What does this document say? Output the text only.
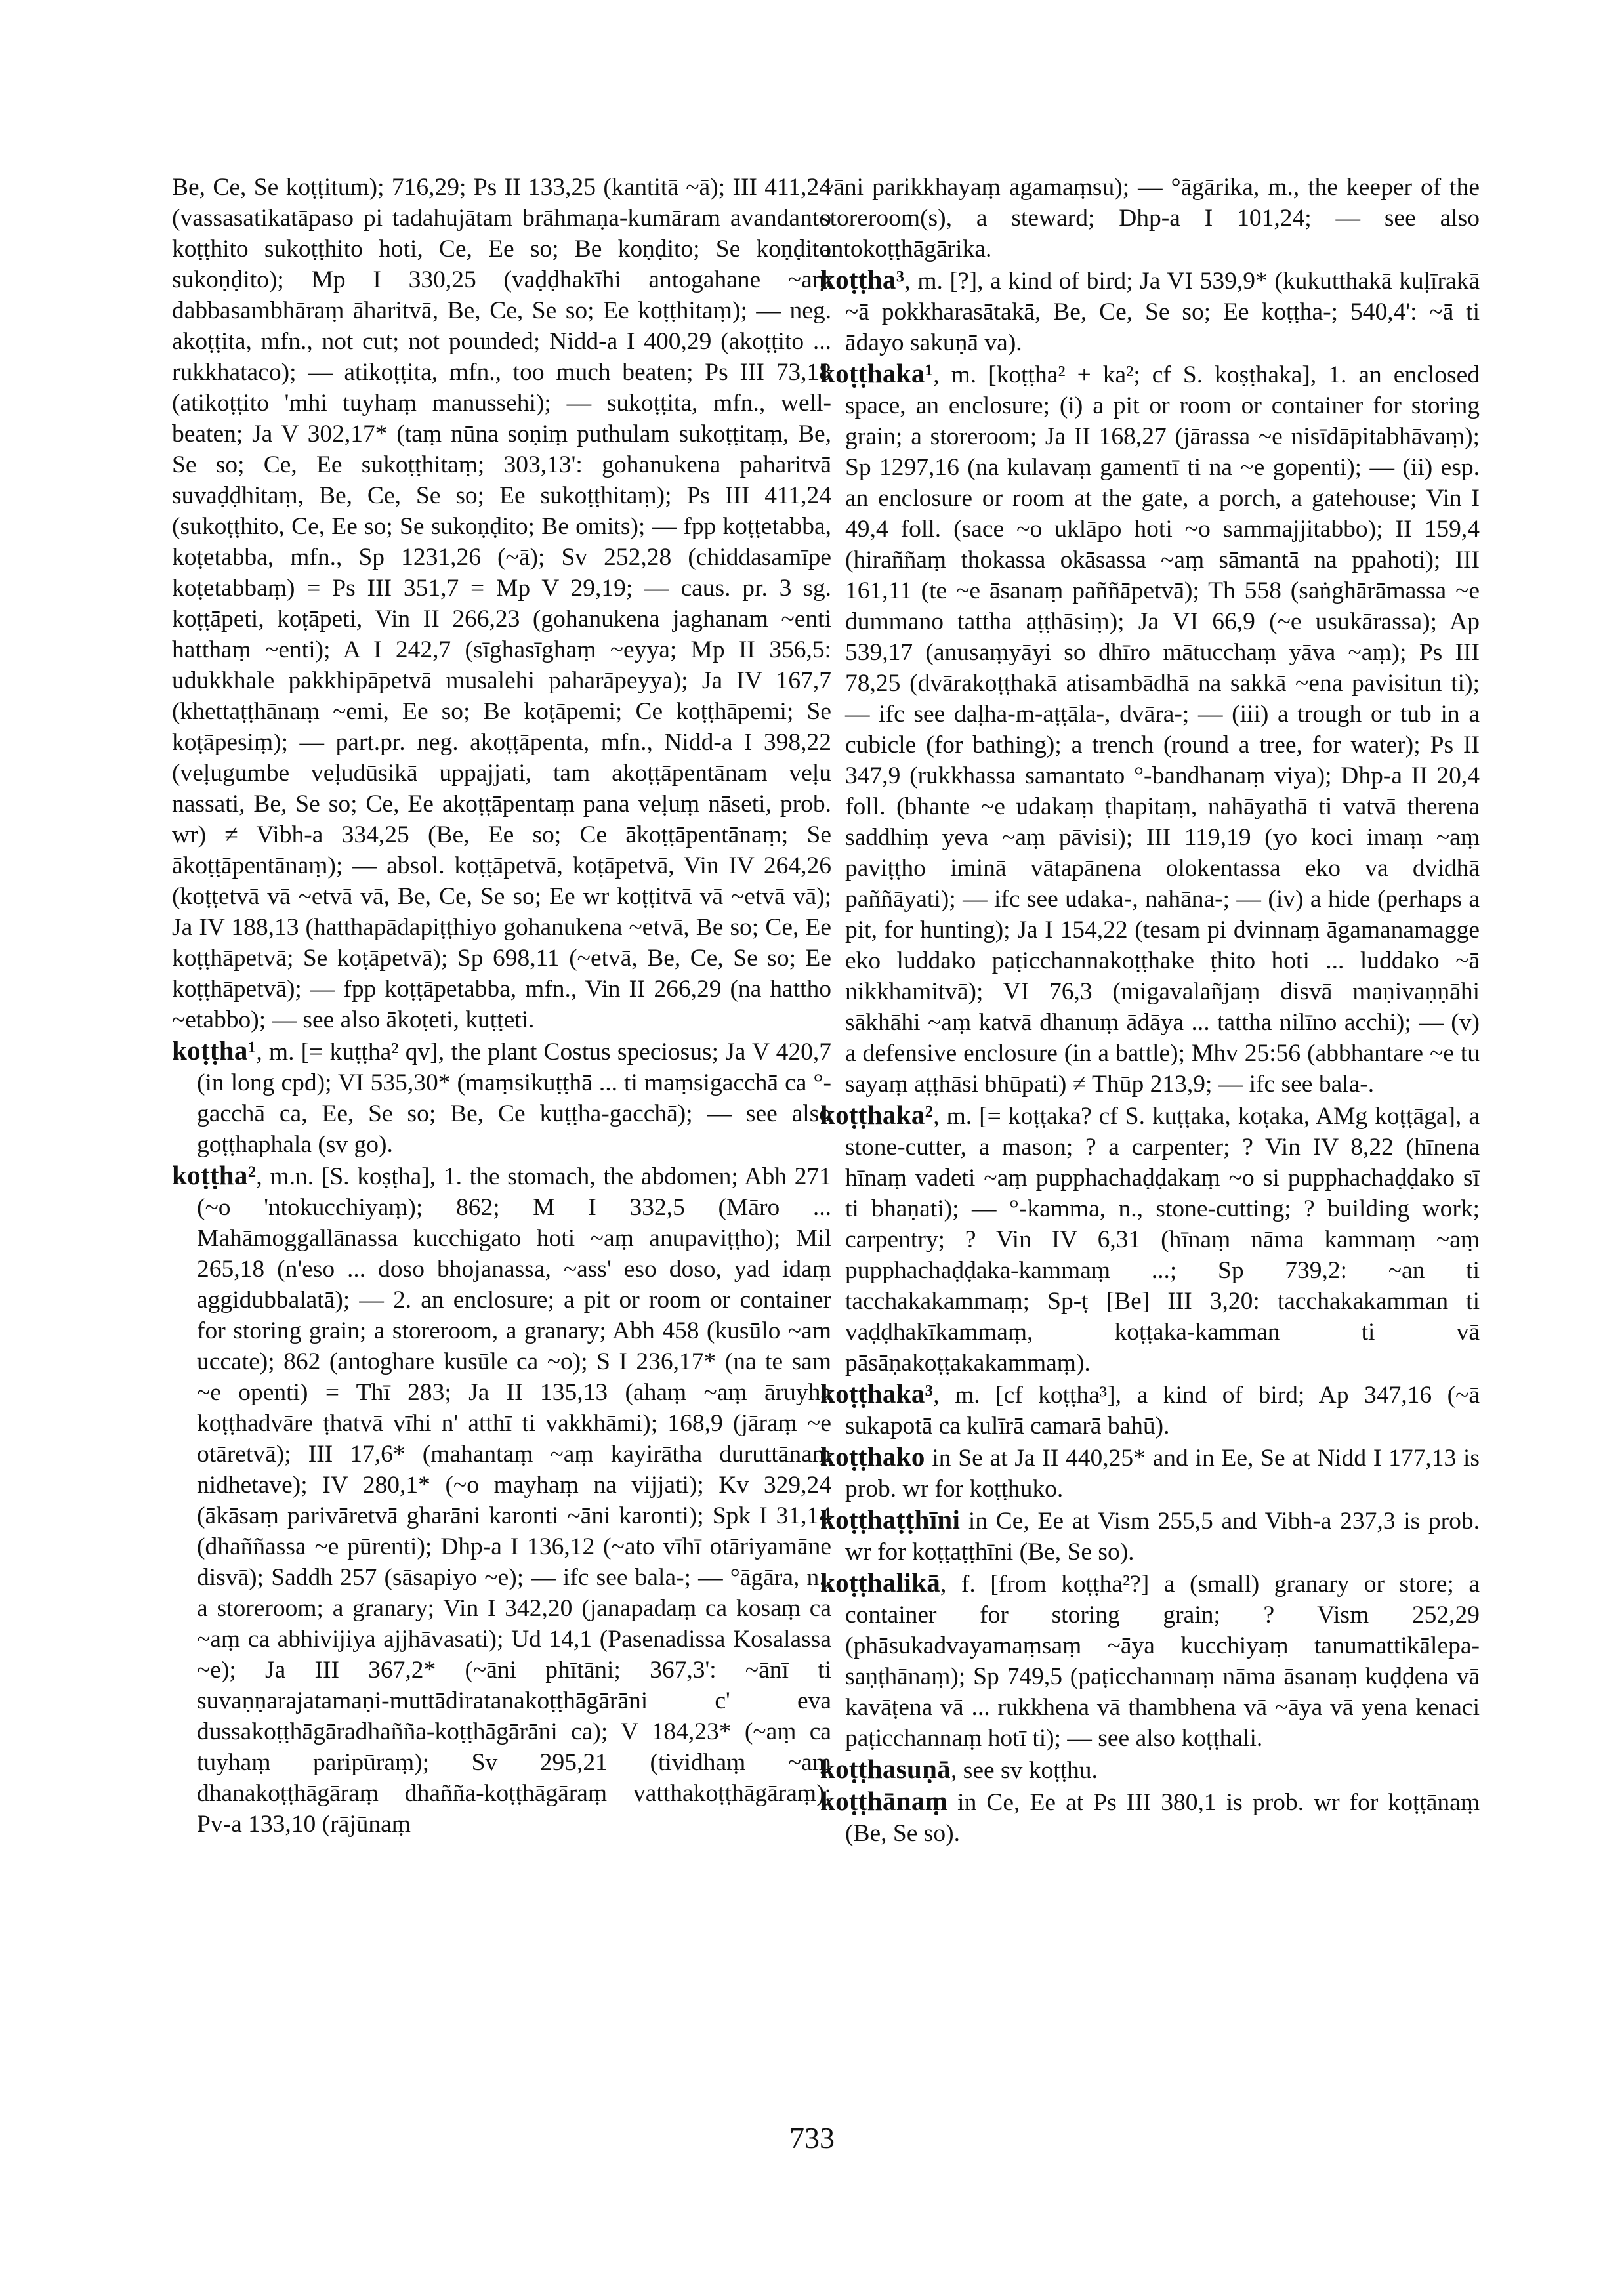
Be, Ce, Se koṭṭitum); 716,29; Ps II 133,25 (kantitā ~ā); III 411,24 (vassasatikatāpaso pi tadahujātam brāhmaṇa-kumāram avandanto koṭṭhito sukoṭṭhito hoti, Ce, Ee so; Be koṇḍito; Se koṇḍito sukoṇḍito); Mp I 330,25 (vaḍḍhakīhi antogahane ~aṃ dabbasambhāraṃ āharitvā, Be, Ce, Se so; Ee koṭṭhitaṃ); — neg. akoṭṭita, mfn., not cut; not pounded; Nidd-a I 400,29 (akoṭṭito ... rukkhataco); — atikoṭṭita, mfn., too much beaten; Ps III 73,18 (atikoṭṭito 'mhi tuyhaṃ manussehi); — sukoṭṭita, mfn., well-beaten; Ja V 302,17* (taṃ nūna soṇiṃ puthulam sukoṭṭitaṃ, Be, Se so; Ce, Ee sukoṭṭhitaṃ; 303,13': gohanukena paharitvā suvaḍḍhitaṃ, Be, Ce, Se so; Ee sukoṭṭhitaṃ); Ps III 411,24 (sukoṭṭhito, Ce, Ee so; Se sukoṇḍito; Be omits); — fpp koṭṭetabba, koṭetabba, mfn., Sp 1231,26 (~ā); Sv 252,28 (chiddasamīpe koṭetabbaṃ) = Ps III 351,7 = Mp V 29,19; — caus. pr. 3 sg. koṭṭāpeti, koṭāpeti, Vin II 266,23 (gohanukena jaghanam ~enti hatthaṃ ~enti); A I 242,7 (sīghasīghaṃ ~eyya; Mp II 356,5: udukkhale pakkhipāpetvā musalehi paharāpeyya); Ja IV 167,7 (khettaṭṭhānaṃ ~emi, Ee so; Be koṭāpemi; Ce koṭṭhāpemi; Se koṭāpesiṃ); — part.pr. neg. akoṭṭāpenta, mfn., Nidd-a I 398,22 (veḷugumbe veḷudūsikā uppajjati, tam akoṭṭāpentānam veḷu nassati, Be, Se so; Ce, Ee akoṭṭāpentaṃ pana veḷuṃ nāseti, prob. wr) ≠ Vibh-a 334,25 (Be, Ee so; Ce ākoṭṭāpentānaṃ; Se ākoṭṭāpentānaṃ); — absol. koṭṭāpetvā, koṭāpetvā, Vin IV 264,26 (koṭṭetvā vā ~etvā vā, Be, Ce, Se so; Ee wr koṭṭitvā vā ~etvā vā); Ja IV 188,13 (hatthapādapiṭṭhiyo gohanukena ~etvā, Be so; Ce, Ee koṭṭhāpetvā; Se koṭāpetvā); Sp 698,11 (~etvā, Be, Ce, Se so; Ee koṭṭhāpetvā); — fpp koṭṭāpetabba, mfn., Vin II 266,29 (na hattho ~etabbo); — see also ākoṭeti, kuṭṭeti.

koṭṭha¹, m. [= kuṭṭha² qv], the plant Costus speciosus; Ja V 420,7 (in long cpd); VI 535,30* (maṃsikuṭṭhā ... ti maṃsigacchā ca °-gacchā ca, Ee, Se so; Be, Ce kuṭṭha-gacchā); — see also goṭṭhaphala (sv go).

koṭṭha², m.n. [S. koṣṭha], 1. the stomach, the abdomen; Abh 271 (~o 'ntokucchiyaṃ); 862; M I 332,5 (Māro ... Mahāmoggallānassa kucchigato hoti ~aṃ anupaviṭṭho); Mil 265,18 (n'eso ... doso bhojanassa, ~ass' eso doso, yad idaṃ aggidubbalatā); — 2. an enclosure; a pit or room or container for storing grain; a storeroom, a granary; Abh 458 (kusūlo ~am uccate); 862 (antoghare kusūle ca ~o); S I 236,17* (na te sam ~e openti) = Thī 283; Ja II 135,13 (ahaṃ ~aṃ āruyha koṭṭhadvāre ṭhatvā vīhi n' atthī ti vakkhāmi); 168,9 (jāraṃ ~e otāretvā); III 17,6* (mahantaṃ ~aṃ kayirātha duruttānaṃ nidhetave); IV 280,1* (~o mayhaṃ na vijjati); Kv 329,24 (ākāsaṃ parivāretvā gharāni karonti ~āni karonti); Spk I 31,14 (dhaññassa ~e pūrenti); Dhp-a I 136,12 (~ato vīhī otāriyamāne disvā); Saddh 257 (sāsapiyo ~e); — ifc see bala-; — °āgāra, n., a storeroom; a granary; Vin I 342,20 (janapadaṃ ca kosaṃ ca ~aṃ ca abhivijiya ajjhāvasati); Ud 14,1 (Pasenadissa Kosalassa ~e); Ja III 367,2* (~āni phītāni; 367,3': ~ānī ti suvaṇṇarajatamaṇi-muttādiratanakoṭṭhāgārāni c' eva dussakoṭṭhāgāradhañña-koṭṭhāgārāni ca); V 184,23* (~aṃ ca tuyhaṃ paripūraṃ); Sv 295,21 (tividhaṃ ~aṃ dhanakoṭṭhāgāraṃ dhañña-koṭṭhāgāraṃ vatthakoṭṭhāgāraṃ); Pv-a 133,10 (rājūnaṃ

~āni parikkhayaṃ agamaṃsu); — °āgārika, m., the keeper of the storeroom(s), a steward; Dhp-a I 101,24; — see also antokoṭṭhāgārika.

koṭṭha³, m. [?], a kind of bird; Ja VI 539,9* (kukutthakā kuḷīrakā ~ā pokkharasātakā, Be, Ce, Se so; Ee koṭṭha-; 540,4': ~ā ti ādayo sakuṇā va).

koṭṭhaka¹, m. [koṭṭha² + ka²; cf S. koṣṭhaka], 1. an enclosed space, an enclosure; (i) a pit or room or container for storing grain; a storeroom; Ja II 168,27 (jārassa ~e nisīdāpitabhāvaṃ); Sp 1297,16 (na kulavaṃ gamentī ti na ~e gopenti); — (ii) esp. an enclosure or room at the gate, a porch, a gatehouse; Vin I 49,4 foll. (sace ~o uklāpo hoti ~o sammajjitabbo); II 159,4 (hiraññaṃ thokassa okāsassa ~aṃ sāmantā na ppahoti); III 161,11 (te ~e āsanaṃ paññāpetvā); Th 558 (saṅghārāmassa ~e dummano tattha aṭṭhāsiṃ); Ja VI 66,9 (~e usukārassa); Ap 539,17 (anusaṃyāyi so dhīro mātucchaṃ yāva ~aṃ); Ps III 78,25 (dvārakoṭṭhakā atisambādhā na sakkā ~ena pavisitun ti); — ifc see daḷha-m-aṭṭāla-, dvāra-; — (iii) a trough or tub in a cubicle (for bathing); a trench (round a tree, for water); Ps II 347,9 (rukkhassa samantato °-bandhanaṃ viya); Dhp-a II 20,4 foll. (bhante ~e udakaṃ ṭhapitaṃ, nahāyathā ti vatvā therena saddhiṃ yeva ~aṃ pāvisi); III 119,19 (yo koci imaṃ ~aṃ paviṭṭho iminā vātapānena olokentassa eko va dvidhā paññāyati); — ifc see udaka-, nahāna-; — (iv) a hide (perhaps a pit, for hunting); Ja I 154,22 (tesam pi dvinnaṃ āgamanamagge eko luddako paṭicchannakoṭṭhake ṭhito hoti ... luddako ~ā nikkhamitvā); VI 76,3 (migavalañjaṃ disvā maṇivaṇṇāhi sākhāhi ~aṃ katvā dhanuṃ ādāya ... tattha nilīno acchi); — (v) a defensive enclosure (in a battle); Mhv 25:56 (abbhantare ~e tu sayaṃ aṭṭhāsi bhūpati) ≠ Thūp 213,9; — ifc see bala-.

koṭṭhaka², m. [= koṭṭaka? cf S. kuṭṭaka, koṭaka, AMg koṭṭāga], a stone-cutter, a mason; ? a carpenter; ? Vin IV 8,22 (hīnena hīnaṃ vadeti ~aṃ pupphachaḍḍakaṃ ~o si pupphachaḍḍako sī ti bhaṇati); — °-kamma, n., stone-cutting; ? building work; carpentry; ? Vin IV 6,31 (hīnaṃ nāma kammaṃ ~aṃ pupphachaḍḍaka-kammaṃ ...; Sp 739,2: ~an ti tacchakakammaṃ; Sp-ṭ [Be] III 3,20: tacchakakamman ti vaḍḍhakīkammaṃ, koṭṭaka-kamman ti vā pāsāṇakoṭṭakakammaṃ).

koṭṭhaka³, m. [cf koṭṭha³], a kind of bird; Ap 347,16 (~ā sukapotā ca kulīrā camarā bahū).

koṭṭhako in Se at Ja II 440,25* and in Ee, Se at Nidd I 177,13 is prob. wr for koṭṭhuko.

koṭṭhaṭṭhīni in Ce, Ee at Vism 255,5 and Vibh-a 237,3 is prob. wr for koṭṭaṭṭhīni (Be, Se so).

koṭṭhalikā, f. [from koṭṭha²?] a (small) granary or store; a container for storing grain; ? Vism 252,29 (phāsukadvayamaṃsaṃ ~āya kucchiyaṃ tanumattikālepa-saṇṭhānaṃ); Sp 749,5 (paṭicchannaṃ nāma āsanaṃ kuḍḍena vā kavāṭena vā ... rukkhena vā thambhena vā ~āya vā yena kenaci paṭicchannaṃ hotī ti); — see also koṭṭhali.

koṭṭhasuṇā, see sv koṭṭhu.

koṭṭhānaṃ in Ce, Ee at Ps III 380,1 is prob. wr for koṭṭānaṃ (Be, Se so).

733
